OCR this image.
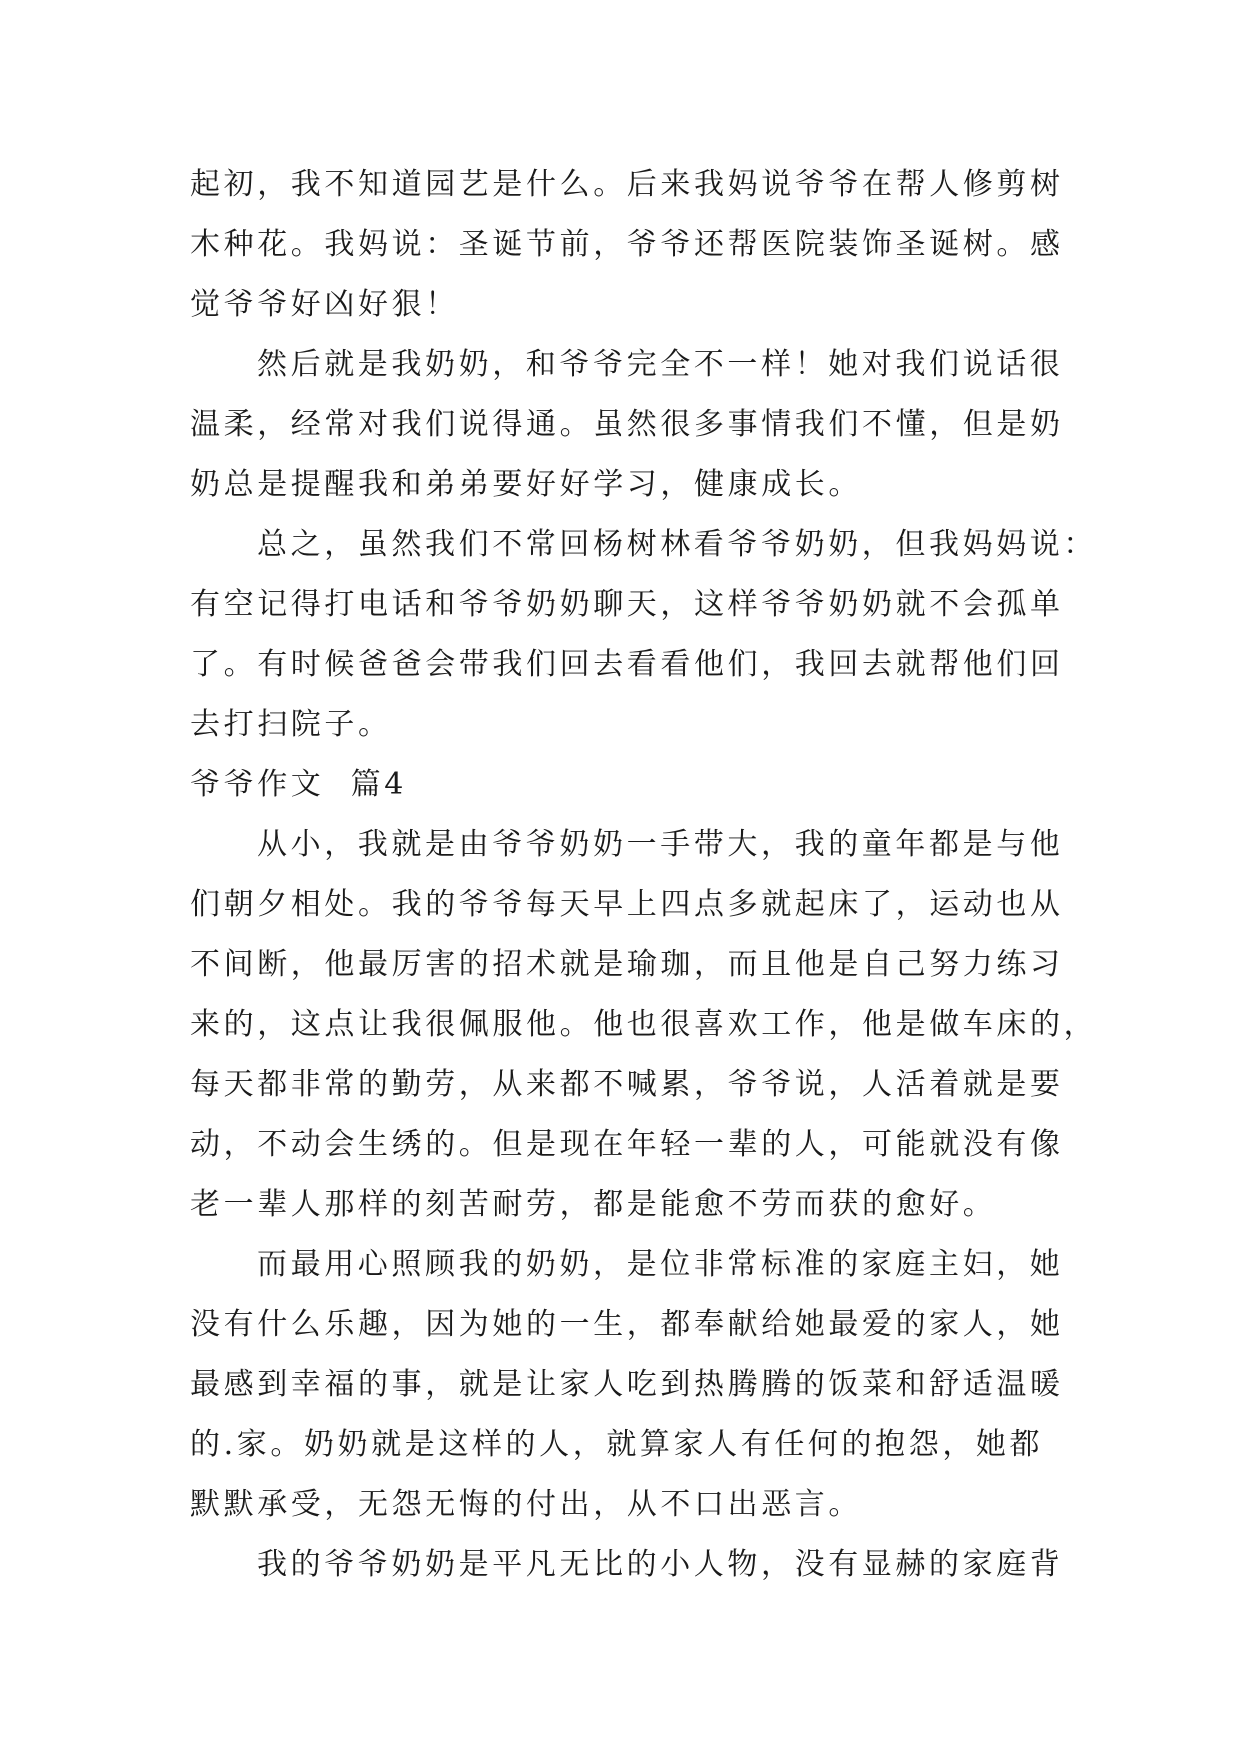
起初，我不知道园艺是什么。后来我妈说爷爷在帮人修剪树
木种花。我妈说：圣诞节前，爷爷还帮医院装饰圣诞树。感
觉爷爷好凶好狠！
然后就是我奶奶，和爷爷完全不一样！她对我们说话很
温柔，经常对我们说得通。虽然很多事情我们不懂，但是奶
奶总是提醒我和弟弟要好好学习，健康成长。
总之，虽然我们不常回杨树林看爷爷奶奶，但我妈妈说：
有空记得打电话和爷爷奶奶聊天，这样爷爷奶奶就不会孤单
了。有时候爸爸会带我们回去看看他们，我回去就帮他们回
去打扫院子。
爷爷作文  篇4
从小，我就是由爷爷奶奶一手带大，我的童年都是与他
们朝夕相处。我的爷爷每天早上四点多就起床了，运动也从
不间断，他最厉害的招术就是瑜珈，而且他是自己努力练习
来的，这点让我很佩服他。他也很喜欢工作，他是做车床的，
每天都非常的勤劳，从来都不喊累，爷爷说，人活着就是要
动，不动会生绣的。但是现在年轻一辈的人，可能就没有像
老一辈人那样的刻苦耐劳，都是能愈不劳而获的愈好。
而最用心照顾我的奶奶，是位非常标准的家庭主妇，她
没有什么乐趣，因为她的一生，都奉献给她最爱的家人，她
最感到幸福的事，就是让家人吃到热腾腾的饭菜和舒适温暖
的.家。奶奶就是这样的人，就算家人有任何的抱怨，她都
默默承受，无怨无悔的付出，从不口出恶言。
我的爷爷奶奶是平凡无比的小人物，没有显赫的家庭背
